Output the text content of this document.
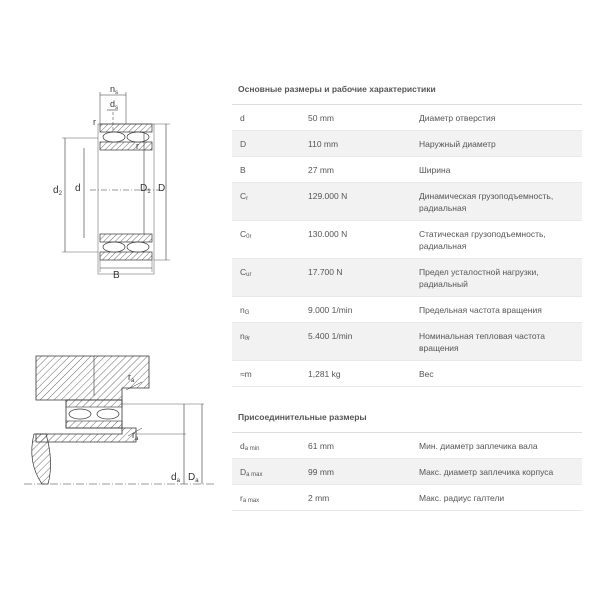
$n_s$
$d_s$
r
r
$d_2$ d	$D_1$ D
B
$r_a$
$r_a$
$d_a$ $D_a$
Основные размеры и рабочие характеристики
d	50 mm	Диаметр отверстия
D	110 mm	Наружный диаметр
B	27 mm	Ширина
Cr	129.000 N	Динамическая грузоподъемность, радиальная
C0r	130.000 N	Статическая грузоподъемность, радиальная
Cur	17.700 N	Предел усталостной нагрузки, радиальный
nG	9.000 1/min	Предельная частота вращения
nϑr	5.400 1/min	Номинальная тепловая частота вращения
≈m	1,281 kg	Вес
Присоединительные размеры
da min	61 mm	Мин. диаметр заплечика вала
Da max	99 mm	Макс. диаметр заплечика корпуса
ra max	2 mm	Макс. радиус галтели
